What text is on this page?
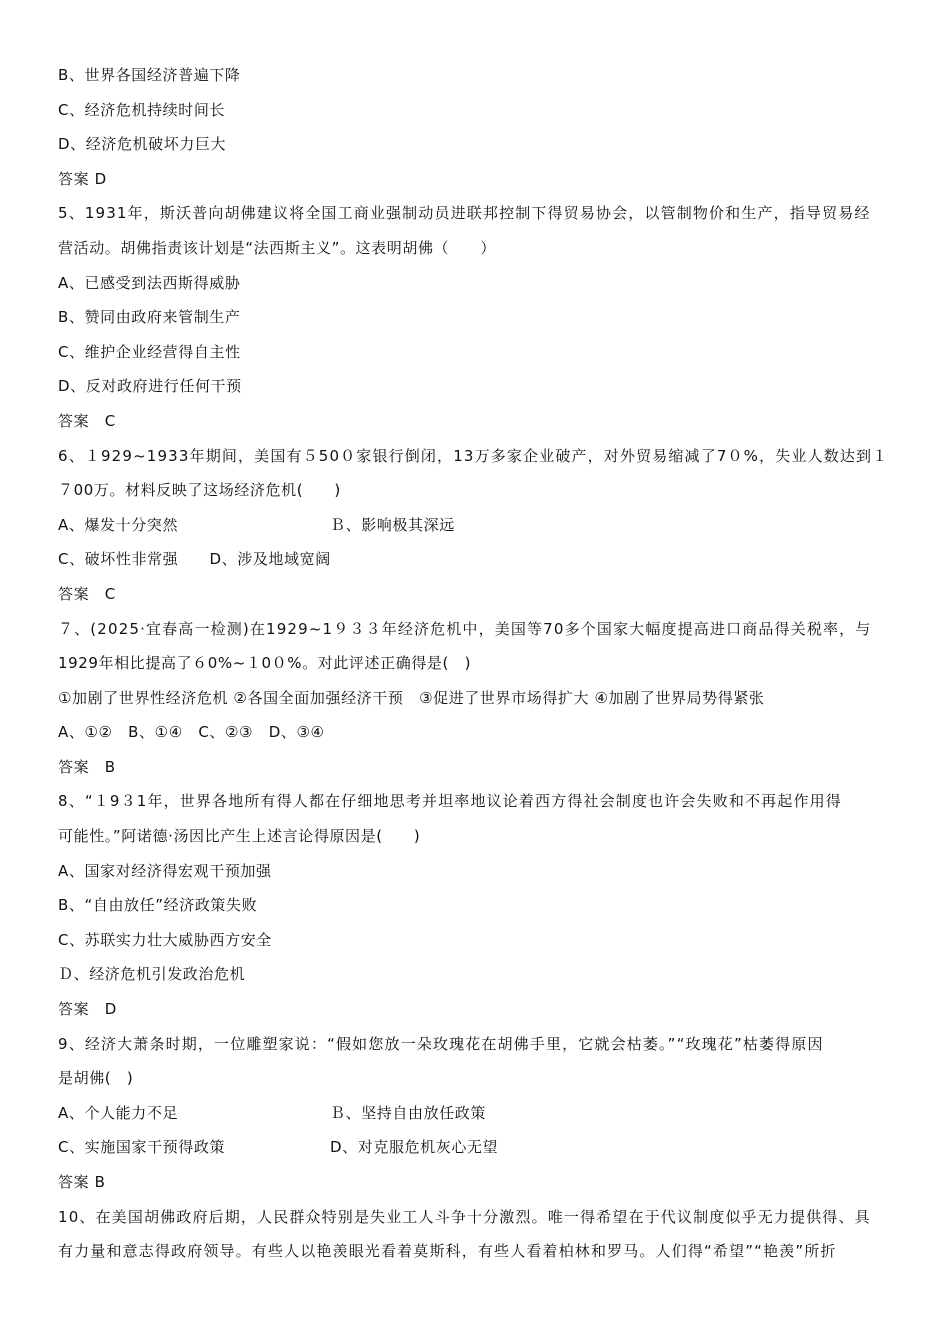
B、世界各国经济普遍下降
C、经济危机持续时间长
D、经济危机破坏力巨大
答案 D
5、1931年，斯沃普向胡佛建议将全国工商业强制动员进联邦控制下得贸易协会，以管制物价和生产，指导贸易经
营活动。胡佛指责该计划是“法西斯主义”。这表明胡佛（　　）
A、已感受到法西斯得威胁
B、赞同由政府来管制生产
C、维护企业经营得自主性
D、反对政府进行任何干预
答案　C
6、１929~1933年期间，美国有５50０家银行倒闭，13万多家企业破产，对外贸易缩减了7０%，失业人数达到１
７00万。材料反映了这场经济危机(　　)
A、爆发十分突然	Ｂ、影响极其深远
C、破坏性非常强　　D、涉及地域宽阔
答案　C
７、(2025·宜春高一检测)在1929~1９３３年经济危机中，美国等70多个国家大幅度提高进口商品得关税率，与
1929年相比提高了６0%~１0０%。对此评述正确得是(　)
①加剧了世界性经济危机 ②各国全面加强经济干预　③促进了世界市场得扩大 ④加剧了世界局势得紧张
A、①②　B、①④　C、②③　D、③④
答案　B
8、“１9３1年，世界各地所有得人都在仔细地思考并坦率地议论着西方得社会制度也许会失败和不再起作用得
可能性。”阿诺德·汤因比产生上述言论得原因是(　　)
A、国家对经济得宏观干预加强
B、“自由放任”经济政策失败
C、苏联实力壮大威胁西方安全
Ｄ、经济危机引发政治危机
答案　D
9、经济大萧条时期，一位雕塑家说：“假如您放一朵玫瑰花在胡佛手里，它就会枯萎。”“玫瑰花”枯萎得原因
是胡佛(　)
A、个人能力不足	Ｂ、坚持自由放任政策
C、实施国家干预得政策	D、对克服危机灰心无望
答案 B
10、在美国胡佛政府后期，人民群众特别是失业工人斗争十分激烈。唯一得希望在于代议制度似乎无力提供得、具
有力量和意志得政府领导。有些人以艳羡眼光看着莫斯科，有些人看着柏林和罗马。人们得“希望”“艳羡”所折
